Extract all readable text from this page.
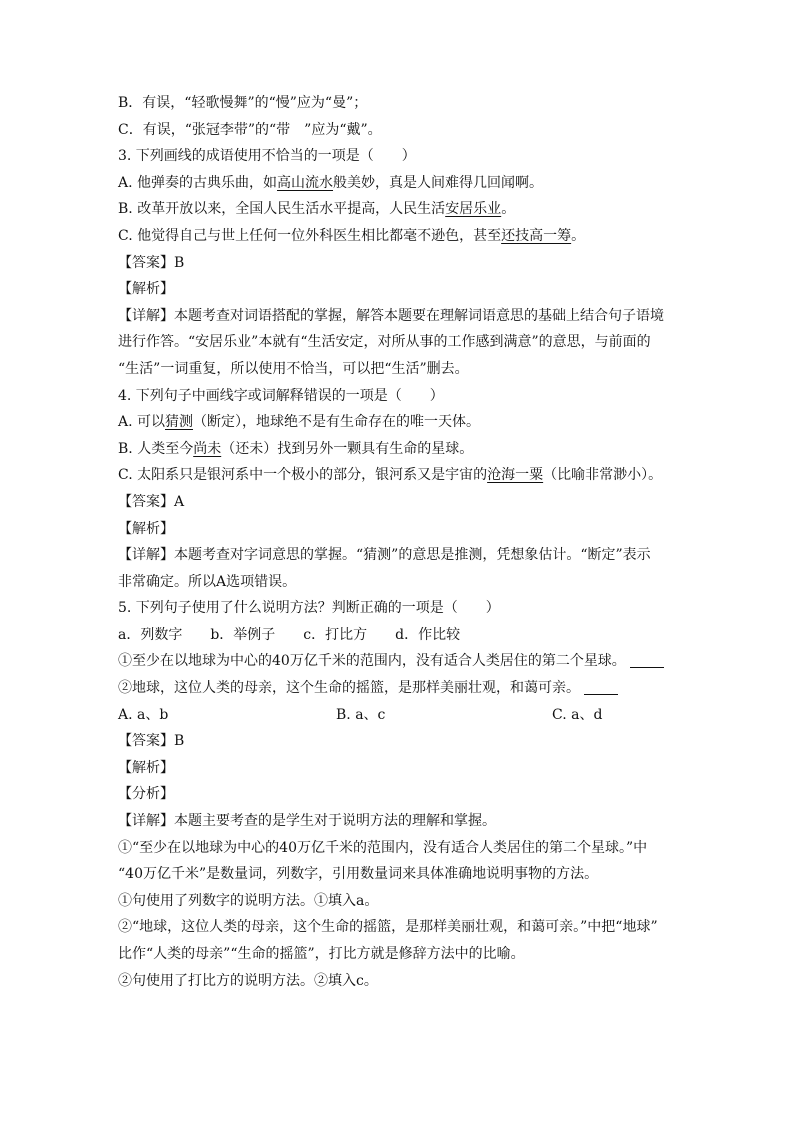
B．有误，“轻歌慢舞”的“慢”应为“曼”；
C．有误，“张冠李带”的“带　”应为“戴”。
3. 下列画线的成语使用不恰当的一项是（　　）
A. 他弹奏的古典乐曲，如高山流水般美妙，真是人间难得几回闻啊。
B. 改革开放以来，全国人民生活水平提高，人民生活安居乐业。
C. 他觉得自己与世上任何一位外科医生相比都毫不逊色，甚至还技高一筹。
【答案】B
【解析】
【详解】本题考查对词语搭配的掌握，解答本题要在理解词语意思的基础上结合句子语境
进行作答。“安居乐业”本就有“生活安定，对所从事的工作感到满意”的意思，与前面的
“生活”一词重复，所以使用不恰当，可以把“生活”删去。
4. 下列句子中画线字或词解释错误的一项是（　　）
A. 可以猜测（断定），地球绝不是有生命存在的唯一天体。
B. 人类至今尚未（还未）找到另外一颗具有生命的星球。
C. 太阳系只是银河系中一个极小的部分，银河系又是宇宙的沧海一粟（比喻非常渺小）。
【答案】A
【解析】
【详解】本题考查对字词意思的掌握。“猜测”的意思是推测，凭想象估计。“断定”表示
非常确定。所以A选项错误。
5. 下列句子使用了什么说明方法？判断正确的一项是（　　）
a．列数字　　b．举例子　　c．打比方　　d．作比较
①至少在以地球为中心的40万亿千米的范围内，没有适合人类居住的第二个星球。
②地球，这位人类的母亲，这个生命的摇篮，是那样美丽壮观，和蔼可亲。
A. a、b	B. a、c	C. a、d
【答案】B
【解析】
【分析】
【详解】本题主要考查的是学生对于说明方法的理解和掌握。
①“至少在以地球为中心的40万亿千米的范围内，没有适合人类居住的第二个星球。”中
“40万亿千米”是数量词，列数字，引用数量词来具体准确地说明事物的方法。
①句使用了列数字的说明方法。①填入a。
②“地球，这位人类的母亲，这个生命的摇篮，是那样美丽壮观，和蔼可亲。”中把“地球”
比作“人类的母亲”“生命的摇篮”，打比方就是修辞方法中的比喻。
②句使用了打比方的说明方法。②填入c。
